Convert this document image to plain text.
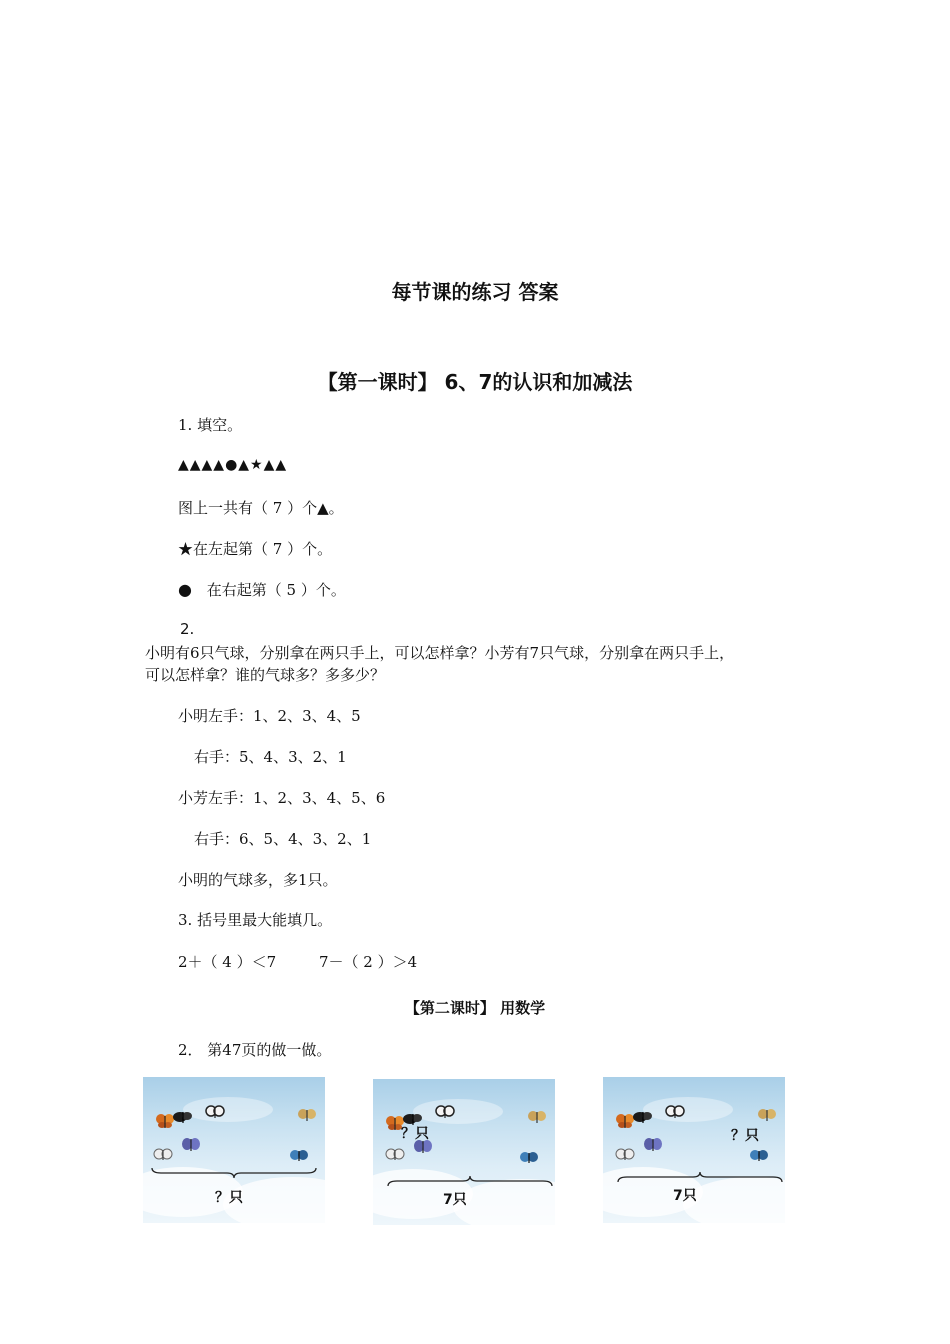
每节课的练习 答案
【第一课时】 6、7的认识和加减法
1. 填空。
▲▲▲▲●▲★▲▲
图上一共有（ 7 ）个▲。
★在左起第（ 7 ）个。
● 在右起第（ 5 ）个。
2.
小明有6只气球，分别拿在两只手上，可以怎样拿？小芳有7只气球，分别拿在两只手上，
可以怎样拿？谁的气球多？多多少？
小明左手：1、2、3、4、5
右手：5、4、3、2、1
小芳左手：1、2、3、4、5、6
右手：6、5、4、3、2、1
小明的气球多，多1只。
3. 括号里最大能填几。
2＋（ 4 ）＜7	7－（ 2 ）＞4
【第二课时】 用数学
2． 第47页的做一做。
？只
？只
7只
？只
7只
